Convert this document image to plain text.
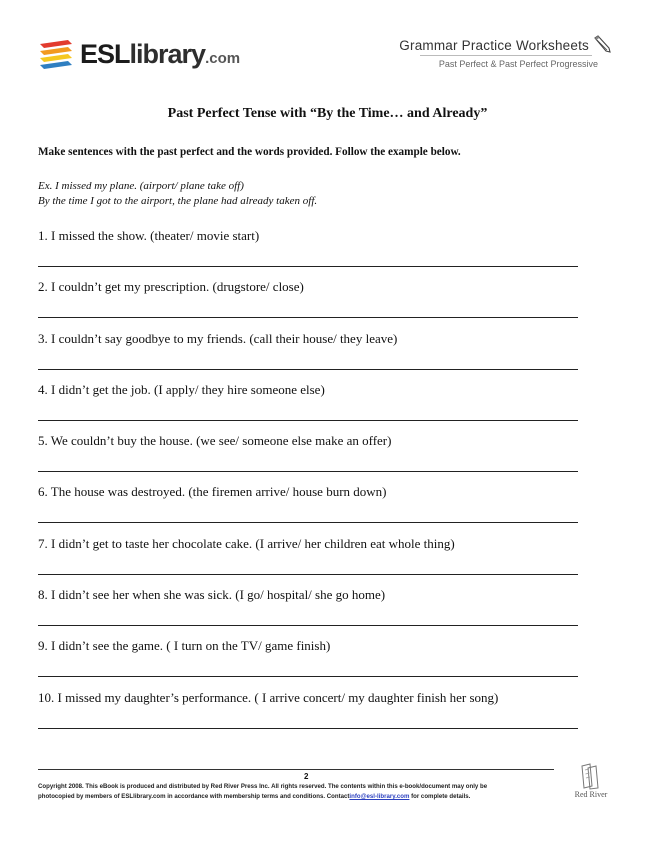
ESLlibrary.com
Grammar Practice Worksheets
Past Perfect & Past Perfect Progressive
Past Perfect Tense with “By the Time… and Already”
Make sentences with the past perfect and the words provided. Follow the example below.
Ex. I missed my plane. (airport/ plane take off)
By the time I got to the airport, the plane had already taken off.
1. I missed the show. (theater/ movie start)
2. I couldn’t get my prescription. (drugstore/ close)
3. I couldn’t say goodbye to my friends. (call their house/ they leave)
4. I didn’t get the job. (I apply/ they hire someone else)
5. We couldn’t buy the house. (we see/ someone else make an offer)
6. The house was destroyed. (the firemen arrive/ house burn down)
7. I didn’t get to taste her chocolate cake. (I arrive/ her children eat whole thing)
8. I didn’t see her when she was sick. (I go/ hospital/ she go home)
9. I didn’t see the game. ( I turn on the TV/ game finish)
10. I missed my daughter’s performance. ( I arrive concert/ my daughter finish her song)
2
Copyright 2008. This eBook is produced and distributed by Red River Press Inc. All rights reserved. The contents within this e-book/document may only be
photocopied by members of ESLlibrary.com in accordance with membership terms and conditions. Contactinfo@esl-library.com for complete details.	Red River
